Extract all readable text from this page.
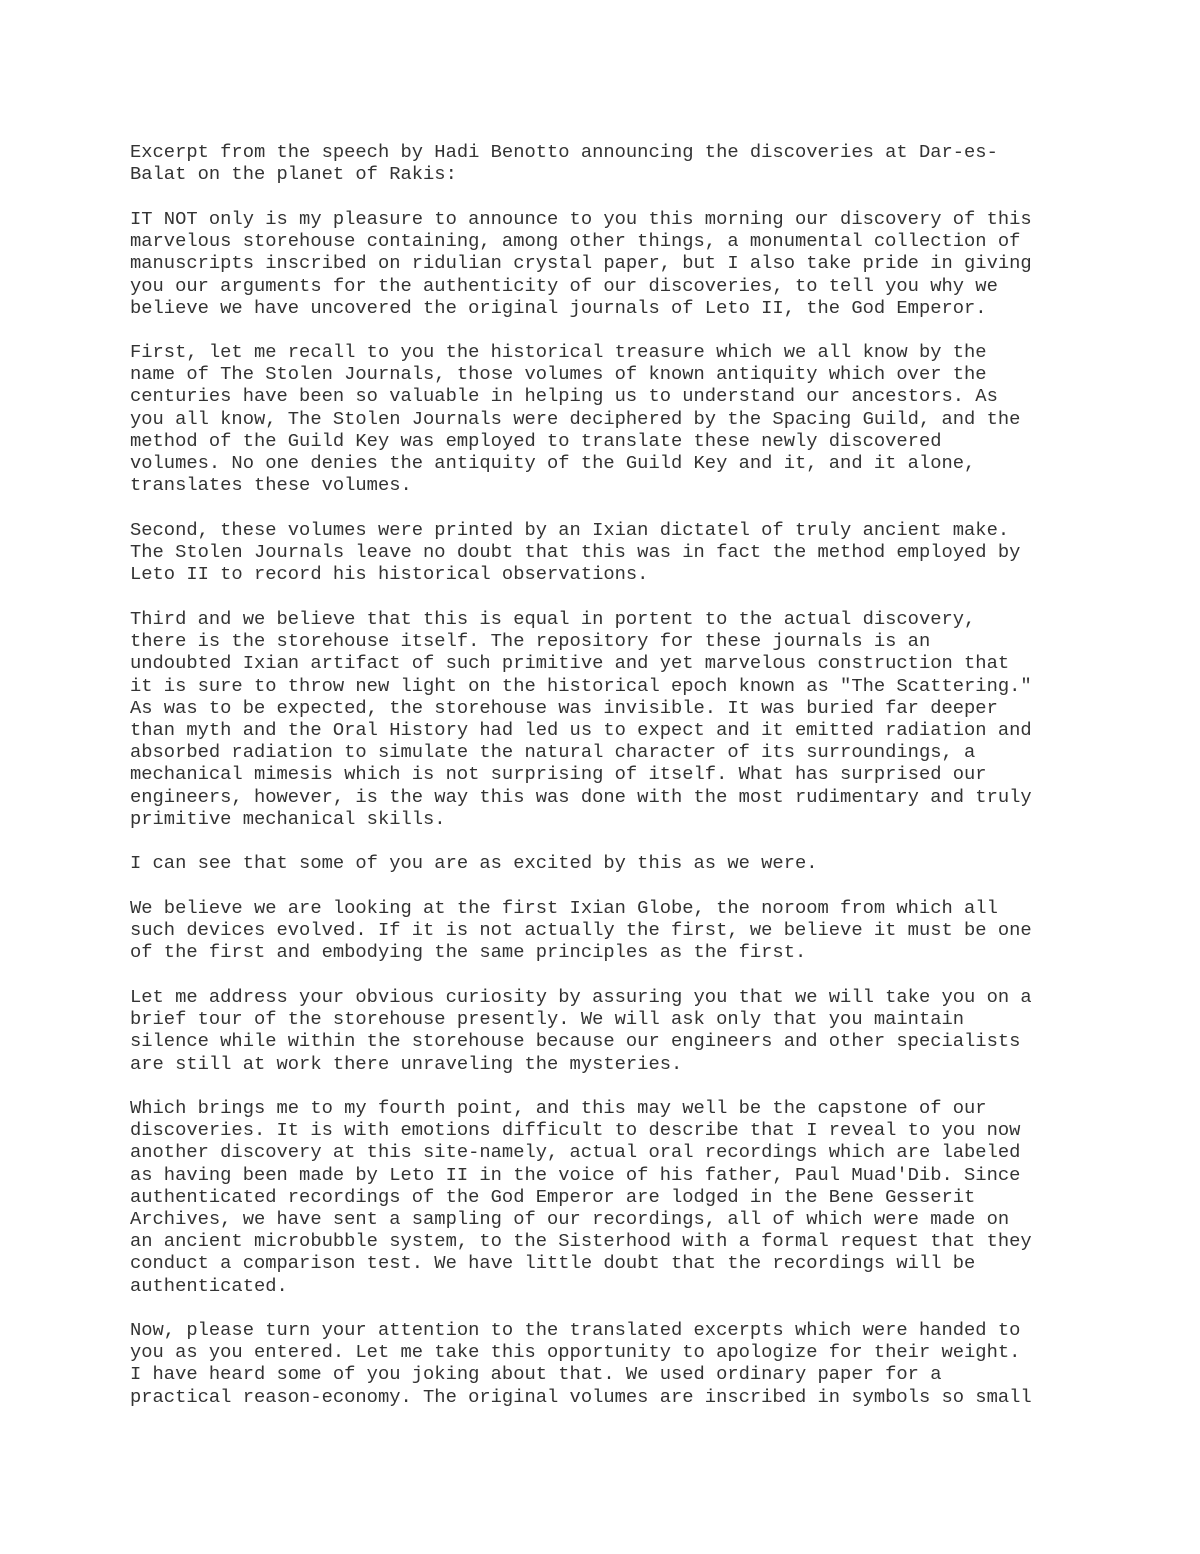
Excerpt from the speech by Hadi Benotto announcing the discoveries at Dar-es-
Balat on the planet of Rakis:

IT NOT only is my pleasure to announce to you this morning our discovery of this
marvelous storehouse containing, among other things, a monumental collection of
manuscripts inscribed on ridulian crystal paper, but I also take pride in giving
you our arguments for the authenticity of our discoveries, to tell you why we
believe we have uncovered the original journals of Leto II, the God Emperor.

First, let me recall to you the historical treasure which we all know by the
name of The Stolen Journals, those volumes of known antiquity which over the
centuries have been so valuable in helping us to understand our ancestors. As
you all know, The Stolen Journals were deciphered by the Spacing Guild, and the
method of the Guild Key was employed to translate these newly discovered
volumes. No one denies the antiquity of the Guild Key and it, and it alone,
translates these volumes.

Second, these volumes were printed by an Ixian dictatel of truly ancient make.
The Stolen Journals leave no doubt that this was in fact the method employed by
Leto II to record his historical observations.

Third and we believe that this is equal in portent to the actual discovery,
there is the storehouse itself. The repository for these journals is an
undoubted Ixian artifact of such primitive and yet marvelous construction that
it is sure to throw new light on the historical epoch known as "The Scattering."
As was to be expected, the storehouse was invisible. It was buried far deeper
than myth and the Oral History had led us to expect and it emitted radiation and
absorbed radiation to simulate the natural character of its surroundings, a
mechanical mimesis which is not surprising of itself. What has surprised our
engineers, however, is the way this was done with the most rudimentary and truly
primitive mechanical skills.

I can see that some of you are as excited by this as we were.

We believe we are looking at the first Ixian Globe, the noroom from which all
such devices evolved. If it is not actually the first, we believe it must be one
of the first and embodying the same principles as the first.

Let me address your obvious curiosity by assuring you that we will take you on a
brief tour of the storehouse presently. We will ask only that you maintain
silence while within the storehouse because our engineers and other specialists
are still at work there unraveling the mysteries.

Which brings me to my fourth point, and this may well be the capstone of our
discoveries. It is with emotions difficult to describe that I reveal to you now
another discovery at this site-namely, actual oral recordings which are labeled
as having been made by Leto II in the voice of his father, Paul Muad'Dib. Since
authenticated recordings of the God Emperor are lodged in the Bene Gesserit
Archives, we have sent a sampling of our recordings, all of which were made on
an ancient microbubble system, to the Sisterhood with a formal request that they
conduct a comparison test. We have little doubt that the recordings will be
authenticated.

Now, please turn your attention to the translated excerpts which were handed to
you as you entered. Let me take this opportunity to apologize for their weight.
I have heard some of you joking about that. We used ordinary paper for a
practical reason-economy. The original volumes are inscribed in symbols so small
